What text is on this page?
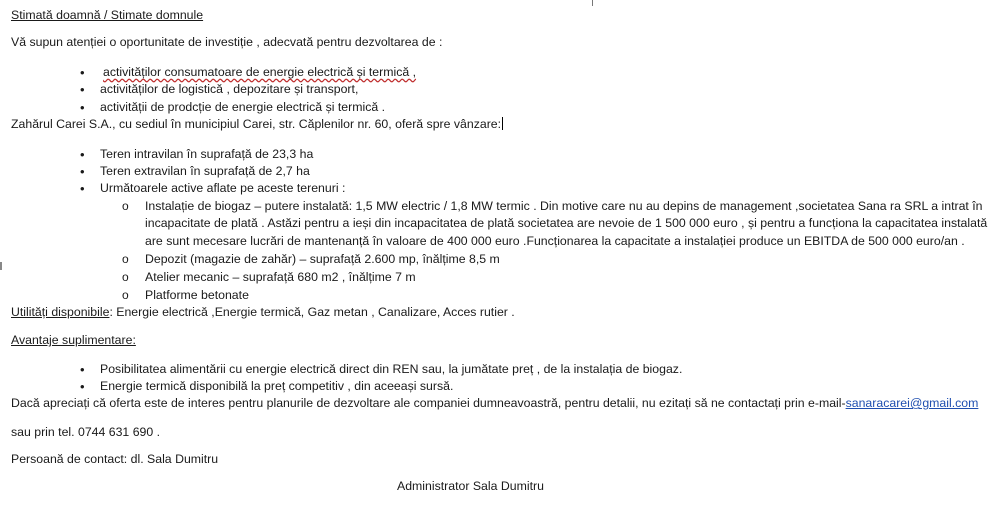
Stimată doamnă / Stimate domnule
Vă supun atenției o oportunitate de investiție , adecvată pentru dezvoltarea de :
• activităților consumatoare de energie electrică și termică ,
• activităților de logistică , depozitare și transport,
• activității de prodcție de energie electrică și termică .
Zahărul Carei S.A., cu sediul în municipiul Carei, str. Căplenilor nr. 60, oferă spre vânzare:
• Teren intravilan în suprafață de 23,3 ha
• Teren extravilan în suprafață de 2,7 ha
• Următoarele active aflate pe aceste terenuri :
o Instalație de biogaz – putere instalată: 1,5 MW electric / 1,8 MW termic . Din motive care nu au depins de management ,societatea Sana ra SRL a intrat în
incapacitate de plată . Astăzi pentru a ieși din incapacitatea de plată societatea are nevoie de 1 500 000 euro , și pentru a funcționa la capacitatea instalată
are sunt mecesare lucrări de mantenanță în valoare de 400 000 euro .Funcționarea la capacitate a instalației produce un EBITDA de 500 000 euro/an .
o Depozit (magazie de zahăr) – suprafață 2.600 mp, înălțime 8,5 m
o Atelier mecanic – suprafață 680 m2 , înălțime 7 m
o Platforme betonate
Utilități disponibile: Energie electrică ,Energie termică, Gaz metan , Canalizare, Acces rutier .
Avantaje suplimentare:
• Posibilitatea alimentării cu energie electrică direct din REN sau, la jumătate preț , de la instalația de biogaz.
• Energie termică disponibilă la preț competitiv , din aceeași sursă.
Dacă apreciați că oferta este de interes pentru planurile de dezvoltare ale companiei dumneavoastră, pentru detalii, nu ezitați să ne contactați prin e-mail-sanaracarei@gmail.com
sau prin tel. 0744 631 690 .
Persoană de contact: dl. Sala Dumitru
Administrator Sala Dumitru
